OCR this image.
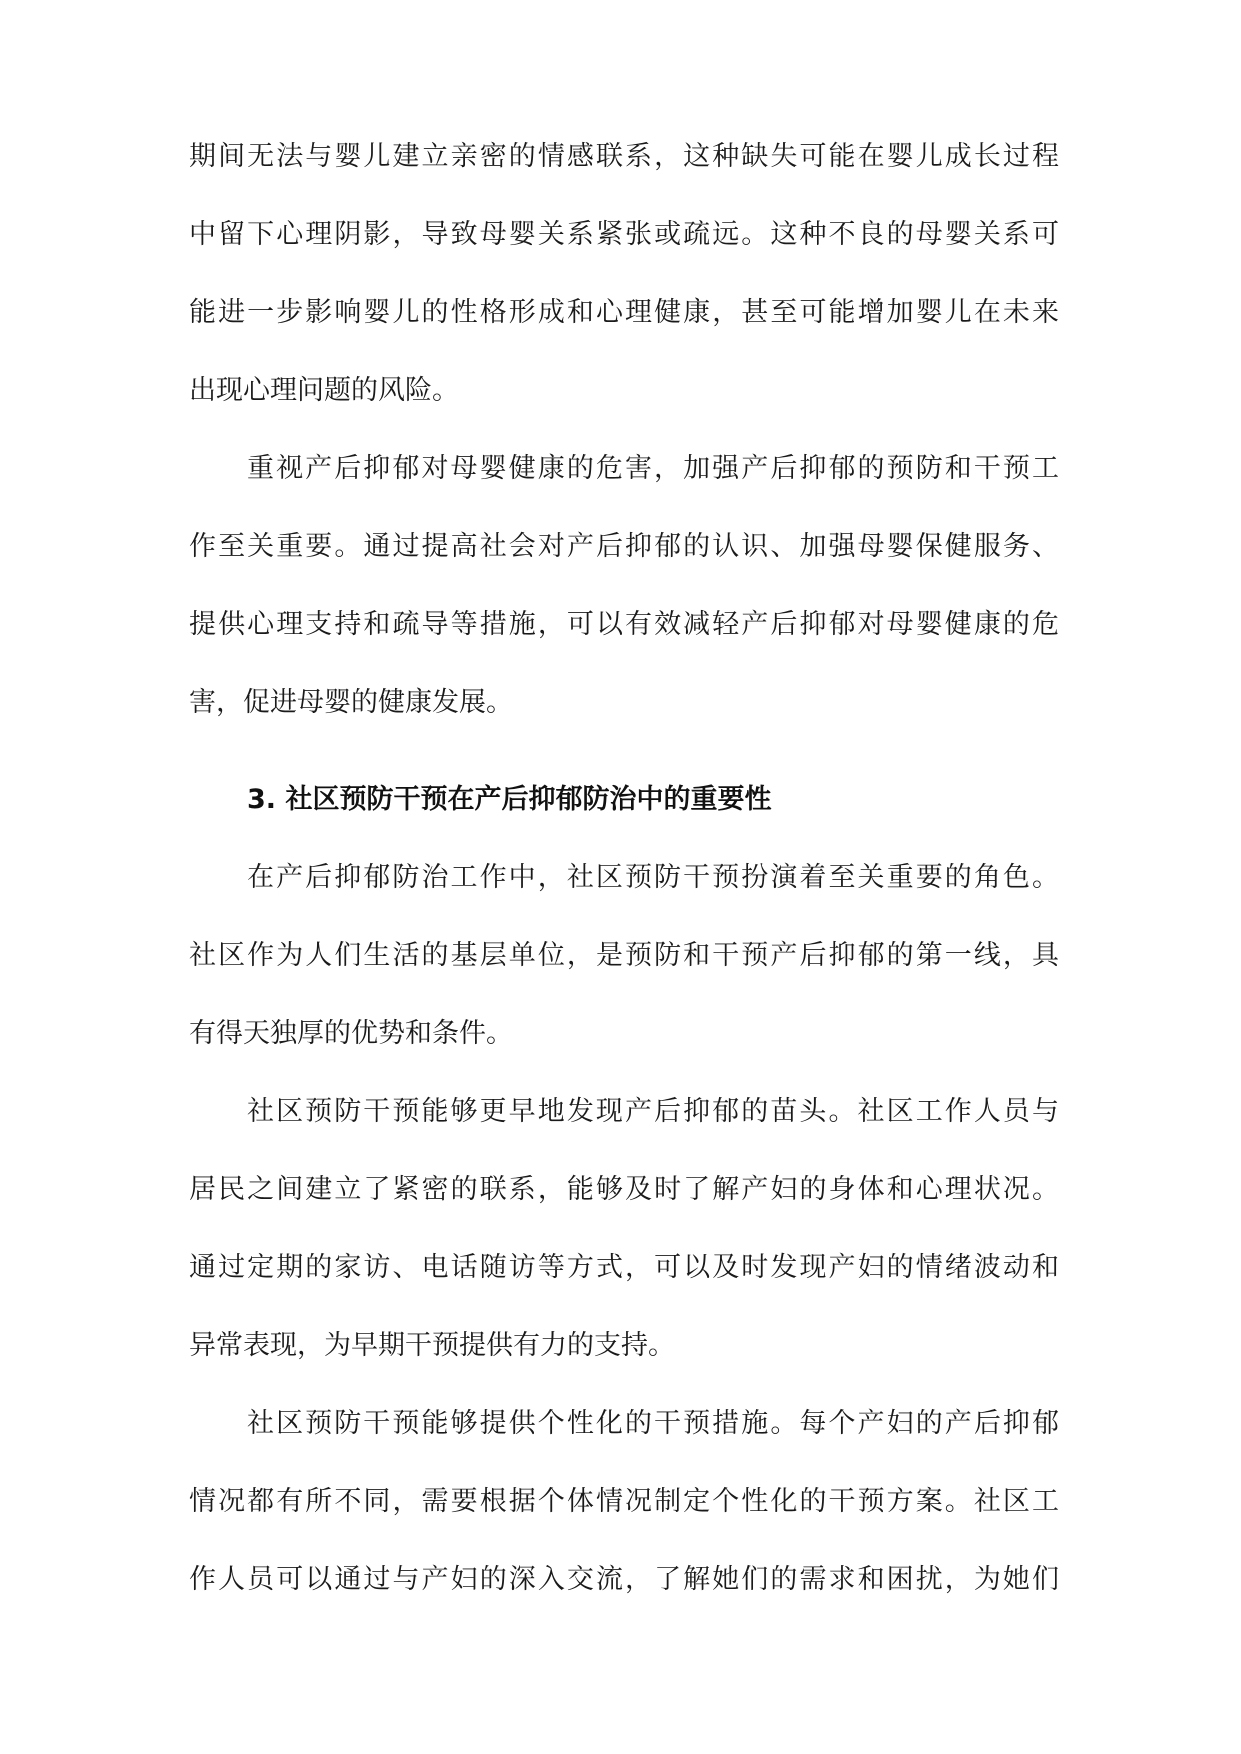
期间无法与婴儿建立亲密的情感联系，这种缺失可能在婴儿成长过程
中留下心理阴影，导致母婴关系紧张或疏远。这种不良的母婴关系可
能进一步影响婴儿的性格形成和心理健康，甚至可能增加婴儿在未来
出现心理问题的风险。
重视产后抑郁对母婴健康的危害，加强产后抑郁的预防和干预工
作至关重要。通过提高社会对产后抑郁的认识、加强母婴保健服务、
提供心理支持和疏导等措施，可以有效减轻产后抑郁对母婴健康的危
害，促进母婴的健康发展。
3. 社区预防干预在产后抑郁防治中的重要性
在产后抑郁防治工作中，社区预防干预扮演着至关重要的角色。
社区作为人们生活的基层单位，是预防和干预产后抑郁的第一线，具
有得天独厚的优势和条件。
社区预防干预能够更早地发现产后抑郁的苗头。社区工作人员与
居民之间建立了紧密的联系，能够及时了解产妇的身体和心理状况。
通过定期的家访、电话随访等方式，可以及时发现产妇的情绪波动和
异常表现，为早期干预提供有力的支持。
社区预防干预能够提供个性化的干预措施。每个产妇的产后抑郁
情况都有所不同，需要根据个体情况制定个性化的干预方案。社区工
作人员可以通过与产妇的深入交流，了解她们的需求和困扰，为她们
